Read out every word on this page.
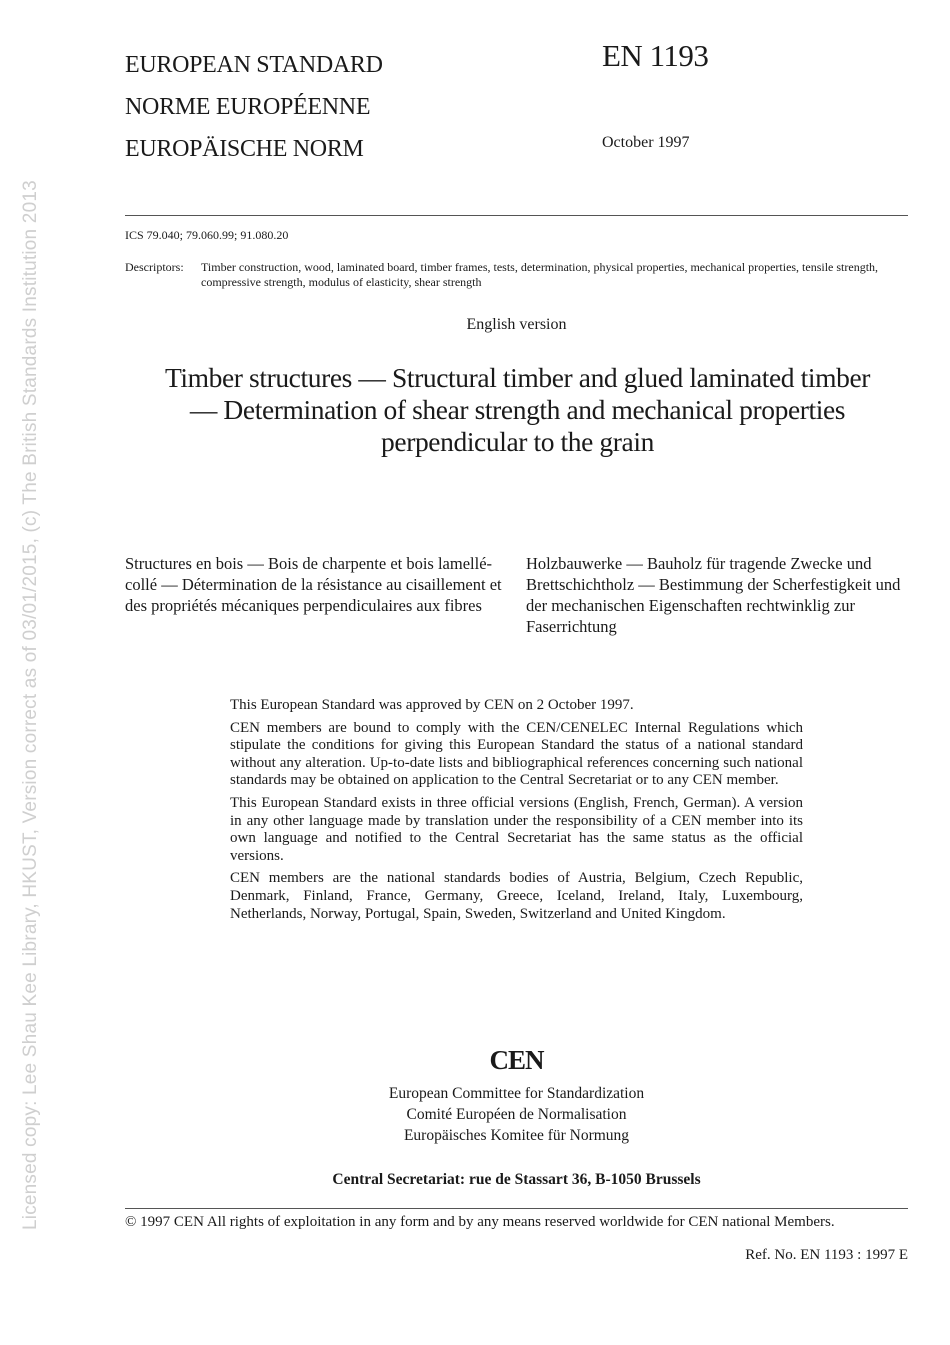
Licensed copy: Lee Shau Kee Library, HKUST, Version correct as of 03/01/2015, (c) The British Standards Institution 2013
EUROPEAN STANDARD
NORME EUROPÉENNE
EUROPÄISCHE NORM
EN 1193
October 1997
ICS 79.040; 79.060.99; 91.080.20
Descriptors: Timber construction, wood, laminated board, timber frames, tests, determination, physical properties, mechanical properties, tensile strength, compressive strength, modulus of elasticity, shear strength
English version
Timber structures — Structural timber and glued laminated timber — Determination of shear strength and mechanical properties perpendicular to the grain
Structures en bois — Bois de charpente et bois lamellé-collé — Détermination de la résistance au cisaillement et des propriétés mécaniques perpendiculaires aux fibres
Holzbauwerke — Bauholz für tragende Zwecke und Brettschichtholz — Bestimmung der Scherfestigkeit und der mechanischen Eigenschaften rechtwinklig zur Faserrichtung

This European Standard was approved by CEN on 2 October 1997.

CEN members are bound to comply with the CEN/CENELEC Internal Regulations which stipulate the conditions for giving this European Standard the status of a national standard without any alteration. Up-to-date lists and bibliographical references concerning such national standards may be obtained on application to the Central Secretariat or to any CEN member.

This European Standard exists in three official versions (English, French, German). A version in any other language made by translation under the responsibility of a CEN member into its own language and notified to the Central Secretariat has the same status as the official versions.

CEN members are the national standards bodies of Austria, Belgium, Czech Republic, Denmark, Finland, France, Germany, Greece, Iceland, Ireland, Italy, Luxembourg, Netherlands, Norway, Portugal, Spain, Sweden, Switzerland and United Kingdom.

CEN
European Committee for Standardization
Comité Européen de Normalisation
Europäisches Komitee für Normung
Central Secretariat: rue de Stassart 36, B-1050 Brussels
© 1997 CEN All rights of exploitation in any form and by any means reserved worldwide for CEN national Members.
Ref. No. EN 1193 : 1997 E
